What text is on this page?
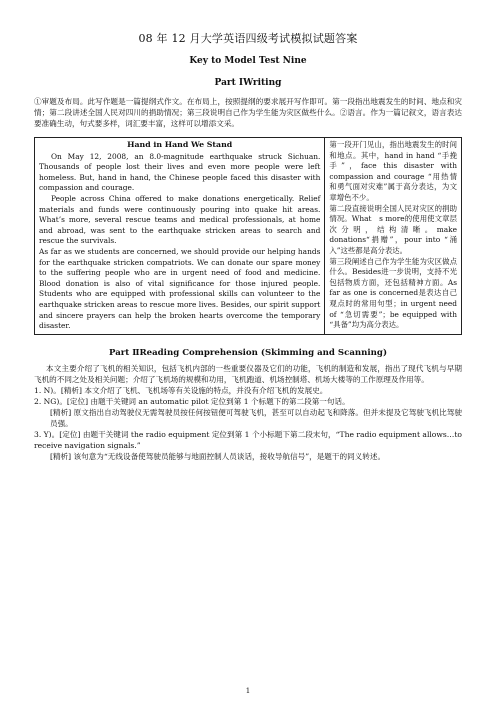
08 年 12 月大学英语四级考试模拟试题答案
Key to Model Test Nine
Part ⅠWriting

①审题及布局。此写作题是一篇提纲式作文。在布局上，按照提纲的要求展开写作即可。第一段指出地震发生的时间、地点和灾情；第二段讲述全国人民对四川的捐助情况；第三段说明自己作为学生能为灾区做些什么。②语言。作为一篇记叙文，语言表达要准确生动，句式要多样，词汇要丰富，这样可以增添文采。

Hand in Hand We Stand

On May 12, 2008, an 8.0-magnitude earthquake struck Sichuan. Thousands of people lost their lives and even more people were left homeless. But, hand in hand, the Chinese people faced this disaster with compassion and courage.

People across China offered to make donations energetically. Relief materials and funds were continuously pouring into quake hit areas. What’s more, several rescue teams and medical professionals, at home and abroad, was sent to the earthquake stricken areas to search and rescue the survivals.

As far as we students are concerned, we should provide our helping hands for the earthquake stricken compatriots. We can donate our spare money to the suffering people who are in urgent need of food and medicine. Blood donation is also of vital significance for those injured people. Students who are equipped with professional skills can volunteer to the earthquake stricken areas to rescue more lives. Besides, our spirit support and sincere prayers can help the broken hearts overcome the temporary disaster.

第一段开门见山，指出地震发生的时间和地点。其中，hand in hand “手挽手”，face this disaster with compassion and courage “用热情和勇气面对灾难”属于高分表达，为文章增色不少。

第二段直接说明全国人民对灾区的捐助情况。What　s more的使用使文章层次分明，结构清晰。make donations“捐赠”，pour into “涌入”这些都是高分表达。

第三段阐述自己作为学生能为灾区做点什么。Besides进一步说明，支持不光包括物质方面，还包括精神方面。As far as one is concerned是表达自己观点时的常用句型；in urgent need of “急切需要”；be equipped with “具备”均为高分表达。

Part ⅡReading Comprehension (Skimming and Scanning)

本文主要介绍了飞机的相关知识，包括飞机内部的一些重要仪器及它们的功能，飞机的制造和发展，指出了现代飞机与早期飞机的不同之处及相关问题；介绍了飞机场的规模和功用，飞机跑道、机场控制塔、机场大楼等的工作原理及作用等。

1. N)。[精析] 本文介绍了飞机、飞机场等有关设施的特点，并没有介绍飞机的发展史。

2. NG)。[定位] 由题干关键词 an automatic pilot 定位到第 1 个标题下的第二段第一句话。

[精析] 原文指出自动驾驶仪无需驾驶员按任何按钮便可驾驶飞机，甚至可以自动起飞和降落。但并未提及它驾驶飞机比驾驶员强。

3. Y)。[定位] 由题干关键词 the radio equipment 定位到第 1 个小标题下第二段末句，“The radio equipment allows…to receive navigation signals.”

[精析] 该句意为“无线设备使驾驶员能够与地面控制人员谈话，接收导航信号”，是题干的同义转述。

1
